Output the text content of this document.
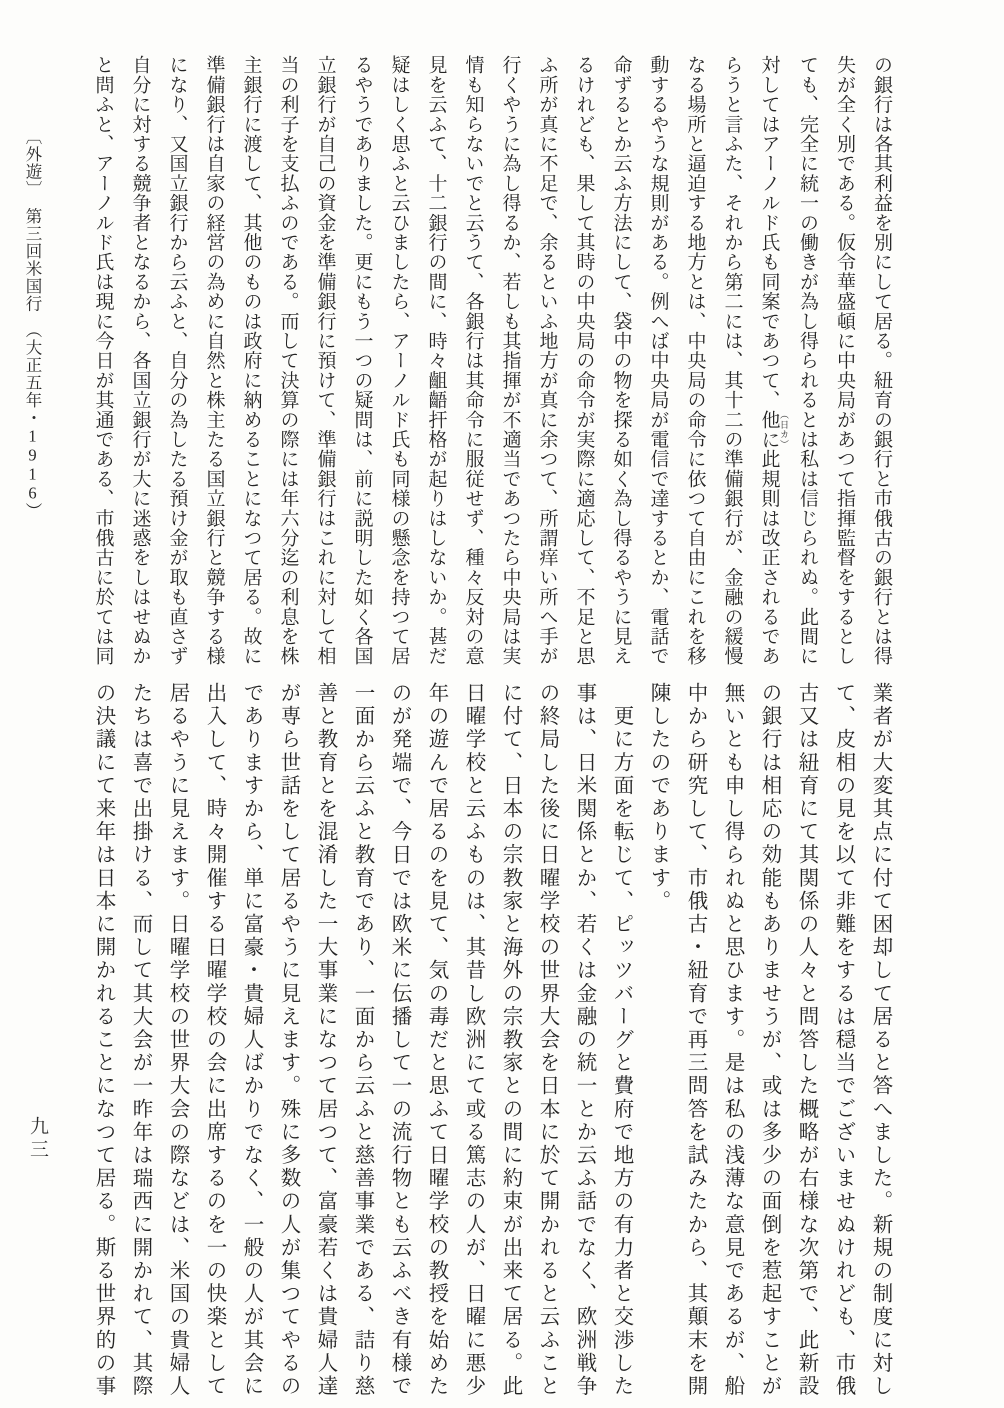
の銀行は各其利益を別にして居る。紐育の銀行と市俄古の銀行とは得
失が全く別である。仮令華盛頓に中央局があつて指揮監督をするとし
ても、完全に統一の働きが為し得られるとは私は信じられぬ。此間に
対してはアーノルド氏も同案であつて、他に （日カ）此規則は改正されるであ
らうと言ふた、それから第二には、其十二の準備銀行が、金融の緩慢
なる場所と逼迫する地方とは、中央局の命令に依つて自由にこれを移
動するやうな規則がある。例へば中央局が電信で達するとか、電話で
命ずるとか云ふ方法にして、袋中の物を探る如く為し得るやうに見え
るけれども、果して其時の中央局の命令が実際に適応して、不足と思
ふ所が真に不足で、余るといふ地方が真に余つて、所謂痒い所へ手が
行くやうに為し得るか、若しも其指揮が不適当であつたら中央局は実
情も知らないでと云うて、各銀行は其命令に服従せず、種々反対の意
見を云ふて、十二銀行の間に、時々齟齬扞格が起りはしないか。甚だ
疑はしく思ふと云ひましたら、アーノルド氏も同様の懸念を持つて居
るやうでありました。更にもう一つの疑問は、前に説明した如く各国
立銀行が自己の資金を準備銀行に預けて、準備銀行はこれに対して相
当の利子を支払ふのである。而して決算の際には年六分迄の利息を株
主銀行に渡して、其他のものは政府に納めることになつて居る。故に
準備銀行は自家の経営の為めに自然と株主たる国立銀行と競争する様
になり、又国立銀行から云ふと、自分の為したる預け金が取も直さず
自分に対する競争者となるから、各国立銀行が大に迷惑をしはせぬか
と問ふと、アーノルド氏は現に今日が其通である、市俄古に於ては同
業者が大変其点に付て困却して居ると答へました。新規の制度に対し
て、皮相の見を以て非難をするは穏当でございませぬけれども、市俄
古又は紐育にて其関係の人々と問答した概略が右様な次第で、此新設
の銀行は相応の効能もありませうが、或は多少の面倒を惹起すことが
無いとも申し得られぬと思ひます。是は私の浅薄な意見であるが、船
中から研究して、市俄古・紐育で再三問答を試みたから、其顛末を開
陳したのであります。
　更に方面を転じて、ピッツバーグと費府で地方の有力者と交渉した
事は、日米関係とか、若くは金融の統一とか云ふ話でなく、欧洲戦争
の終局した後に日曜学校の世界大会を日本に於て開かれると云ふこと
に付て、日本の宗教家と海外の宗教家との間に約束が出来て居る。此
日曜学校と云ふものは、其昔し欧洲にて或る篤志の人が、日曜に悪少
年の遊んで居るのを見て、気の毒だと思ふて日曜学校の教授を始めた
のが発端で、今日では欧米に伝播して一の流行物とも云ふべき有様で
一面から云ふと教育であり、一面から云ふと慈善事業である、詰り慈
善と教育とを混淆した一大事業になつて居つて、富豪若くは貴婦人達
が専ら世話をして居るやうに見えます。殊に多数の人が集つてやるの
でありますから、単に富豪・貴婦人ばかりでなく、一般の人が其会に
出入して、時々開催する日曜学校の会に出席するのを一の快楽として
居るやうに見えます。日曜学校の世界大会の際などは、米国の貴婦人
たちは喜で出掛ける、而して其大会が一昨年は瑞西に開かれて、其際
の決議にて来年は日本に開かれることになつて居る。斯る世界的の事
〔外遊〕　第三回米国行　（大正五年・1916）
九三
